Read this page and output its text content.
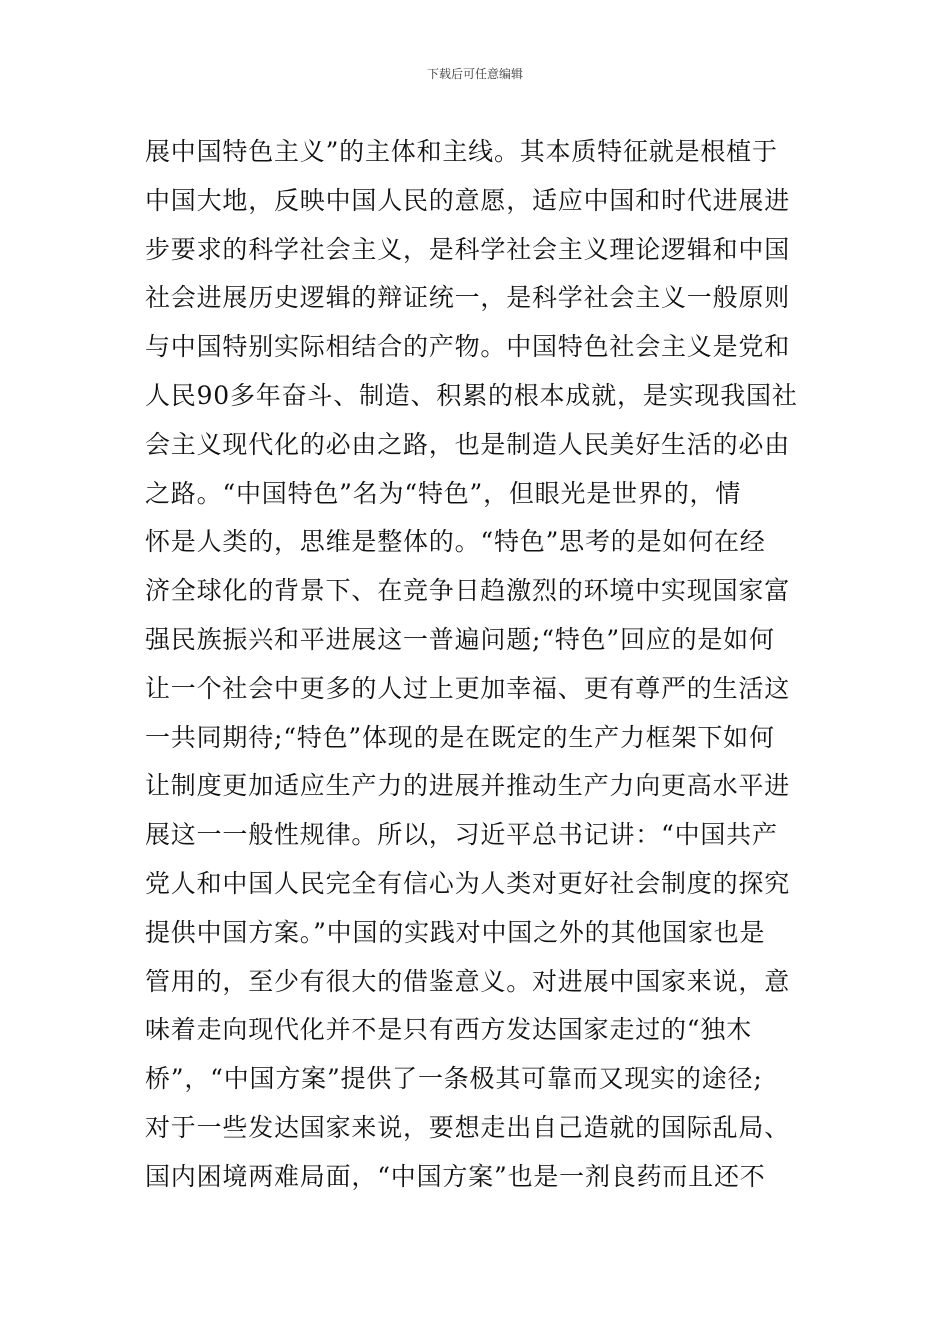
下载后可任意编辑
展中国特色主义”的主体和主线。其本质特征就是根植于
中国大地，反映中国人民的意愿，适应中国和时代进展进
步要求的科学社会主义，是科学社会主义理论逻辑和中国
社会进展历史逻辑的辩证统一，是科学社会主义一般原则
与中国特别实际相结合的产物。中国特色社会主义是党和
人民90多年奋斗、制造、积累的根本成就，是实现我国社
会主义现代化的必由之路，也是制造人民美好生活的必由
之路。“中国特色”名为“特色”，但眼光是世界的，情
怀是人类的，思维是整体的。“特色”思考的是如何在经
济全球化的背景下、在竞争日趋激烈的环境中实现国家富
强民族振兴和平进展这一普遍问题;“特色”回应的是如何
让一个社会中更多的人过上更加幸福、更有尊严的生活这
一共同期待;“特色”体现的是在既定的生产力框架下如何
让制度更加适应生产力的进展并推动生产力向更高水平进
展这一一般性规律。所以，习近平总书记讲：“中国共产
党人和中国人民完全有信心为人类对更好社会制度的探究
提供中国方案。”中国的实践对中国之外的其他国家也是
管用的，至少有很大的借鉴意义。对进展中国家来说，意
味着走向现代化并不是只有西方发达国家走过的“独木
桥”，“中国方案”提供了一条极其可靠而又现实的途径;
对于一些发达国家来说，要想走出自己造就的国际乱局、
国内困境两难局面，“中国方案”也是一剂良药而且还不
